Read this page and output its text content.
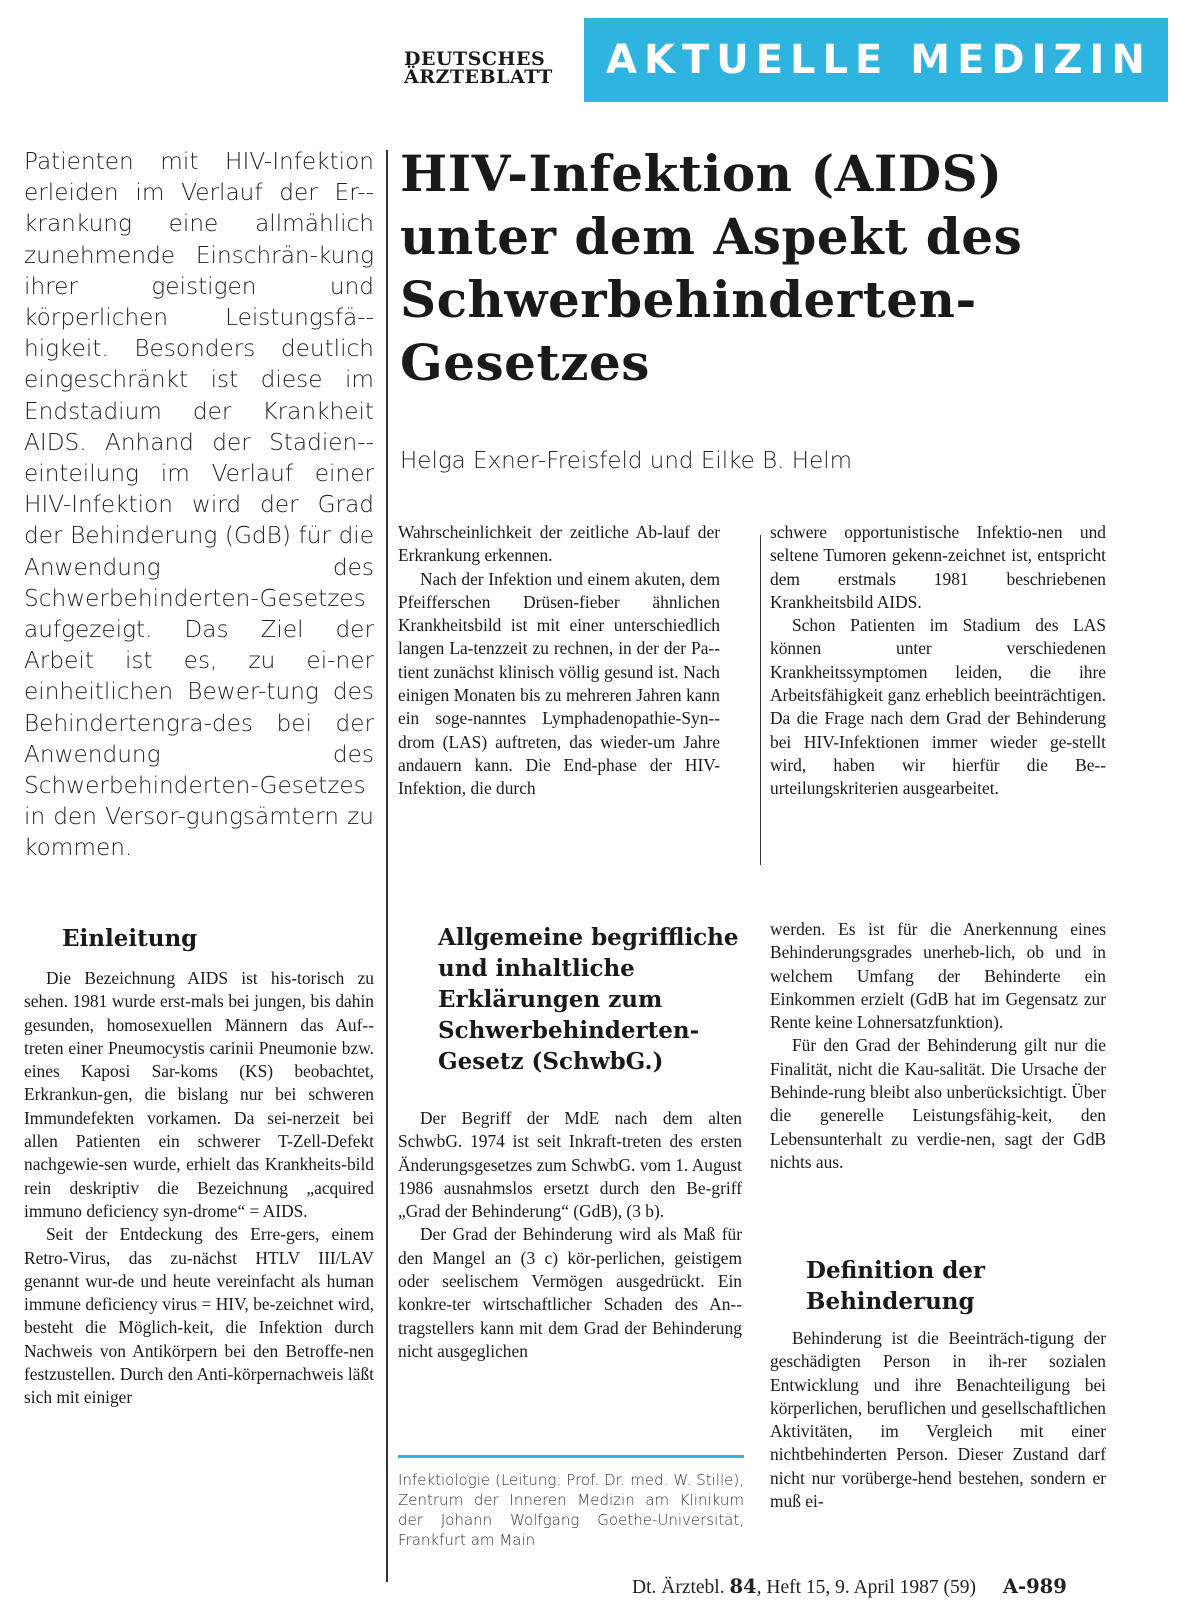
DEUTSCHES
ÄRZTEBLATT	AKTUELLE MEDIZIN
Patienten mit HIV-Infektion erleiden im Verlauf der Er-krankung eine allmählich zunehmende Einschrän-kung ihrer geistigen und körperlichen Leistungsfä-higkeit. Besonders deutlich eingeschränkt ist diese im Endstadium der Krankheit AIDS. Anhand der Stadien-einteilung im Verlauf einer HIV-Infektion wird der Grad der Behinderung (GdB) für die Anwendung des Schwerbehinderten-Gesetzes aufgezeigt. Das Ziel der Arbeit ist es, zu ei-ner einheitlichen Bewer-tung des Behindertengra-des bei der Anwendung des Schwerbehinderten-Gesetzes in den Versor-gungsämtern zu kommen.
HIV-Infektion (AIDS) unter dem Aspekt des Schwerbehinderten-Gesetzes
Helga Exner-Freisfeld und Eilke B. Helm

Wahrscheinlichkeit der zeitliche Ab-lauf der Erkrankung erkennen.

Nach der Infektion und einem akuten, dem Pfeifferschen Drüsen-fieber ähnlichen Krankheitsbild ist mit einer unterschiedlich langen La-tenzzeit zu rechnen, in der der Pa-tient zunächst klinisch völlig gesund ist. Nach einigen Monaten bis zu mehreren Jahren kann ein soge-nanntes Lymphadenopathie-Syn-drom (LAS) auftreten, das wieder-um Jahre andauern kann. Die End-phase der HIV-Infektion, die durch

schwere opportunistische Infektio-nen und seltene Tumoren gekenn-zeichnet ist, entspricht dem erstmals 1981 beschriebenen Krankheitsbild AIDS.

Schon Patienten im Stadium des LAS können unter verschiedenen Krankheitssymptomen leiden, die ihre Arbeitsfähigkeit ganz erheblich beeinträchtigen. Da die Frage nach dem Grad der Behinderung bei HIV-Infektionen immer wieder ge-stellt wird, haben wir hierfür die Be-urteilungskriterien ausgearbeitet.

Einleitung

Die Bezeichnung AIDS ist his-torisch zu sehen. 1981 wurde erst-mals bei jungen, bis dahin gesunden, homosexuellen Männern das Auf-treten einer Pneumocystis carinii Pneumonie bzw. eines Kaposi Sar-koms (KS) beobachtet, Erkrankun-gen, die bislang nur bei schweren Immundefekten vorkamen. Da sei-nerzeit bei allen Patienten ein schwerer T-Zell-Defekt nachgewie-sen wurde, erhielt das Krankheits-bild rein deskriptiv die Bezeichnung „acquired immuno deficiency syn-drome“ = AIDS.

Seit der Entdeckung des Erre-gers, einem Retro-Virus, das zu-nächst HTLV III/LAV genannt wur-de und heute vereinfacht als human immune deficiency virus = HIV, be-zeichnet wird, besteht die Möglich-keit, die Infektion durch Nachweis von Antikörpern bei den Betroffe-nen festzustellen. Durch den Anti-körpernachweis läßt sich mit einiger

Allgemeine begriffliche und inhaltliche Erklärungen zum Schwerbehinderten-Gesetz (SchwbG.)

Der Begriff der MdE nach dem alten SchwbG. 1974 ist seit Inkraft-treten des ersten Änderungsgesetzes zum SchwbG. vom 1. August 1986 ausnahmslos ersetzt durch den Be-griff „Grad der Behinderung“ (GdB), (3 b).

Der Grad der Behinderung wird als Maß für den Mangel an (3 c) kör-perlichen, geistigem oder seelischem Vermögen ausgedrückt. Ein konkre-ter wirtschaftlicher Schaden des An-tragstellers kann mit dem Grad der Behinderung nicht ausgeglichen

Infektiologie (Leitung: Prof. Dr. med. W. Stille), Zentrum der Inneren Medizin am Klinikum der Johann Wolfgang Goethe-Universität, Frankfurt am Main

werden. Es ist für die Anerkennung eines Behinderungsgrades unerheb-lich, ob und in welchem Umfang der Behinderte ein Einkommen erzielt (GdB hat im Gegensatz zur Rente keine Lohnersatzfunktion).

Für den Grad der Behinderung gilt nur die Finalität, nicht die Kau-salität. Die Ursache der Behinde-rung bleibt also unberücksichtigt. Über die generelle Leistungsfähig-keit, den Lebensunterhalt zu verdie-nen, sagt der GdB nichts aus.

Definition der Behinderung

Behinderung ist die Beeinträch-tigung der geschädigten Person in ih-rer sozialen Entwicklung und ihre Benachteiligung bei körperlichen, beruflichen und gesellschaftlichen Aktivitäten, im Vergleich mit einer nichtbehinderten Person. Dieser Zustand darf nicht nur vorüberge-hend bestehen, sondern er muß ei-

Dt. Ärztebl. 84, Heft 15, 9. April 1987 (59) A-989
